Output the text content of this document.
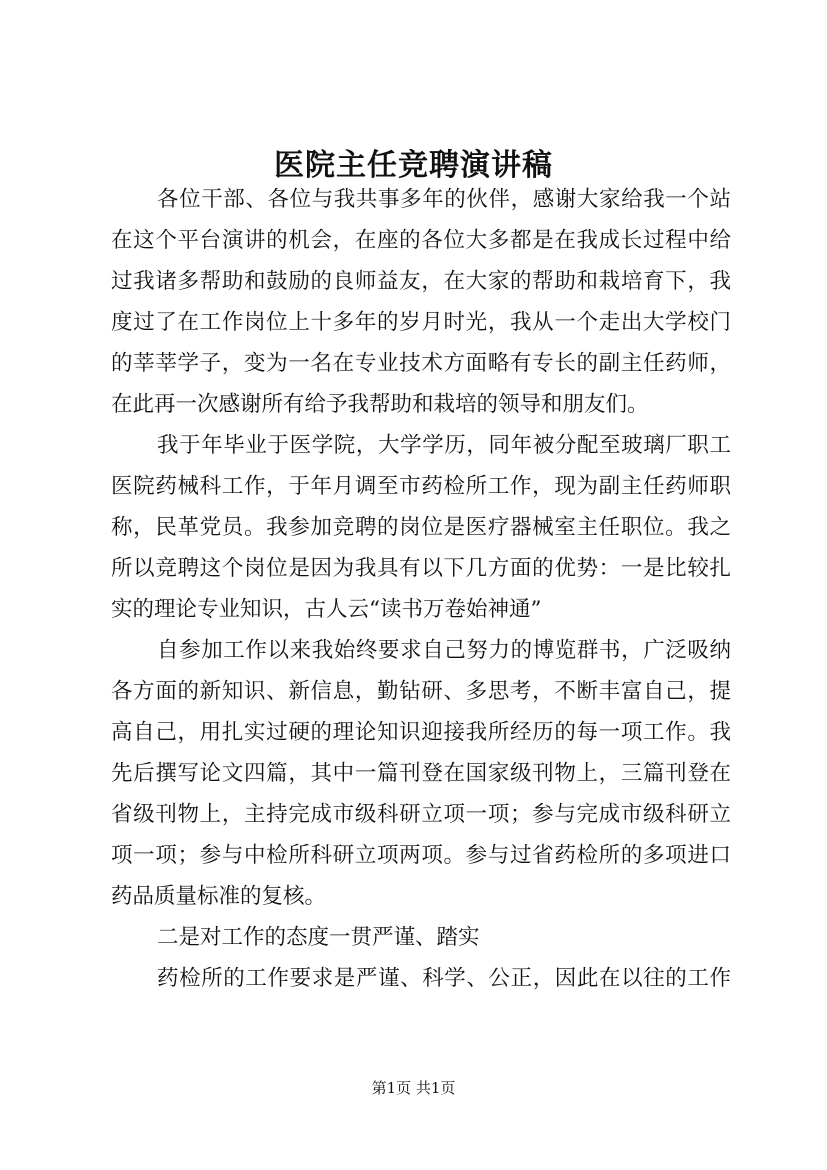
医院主任竞聘演讲稿
各位干部、各位与我共事多年的伙伴，感谢大家给我一个站
在这个平台演讲的机会，在座的各位大多都是在我成长过程中给
过我诸多帮助和鼓励的良师益友，在大家的帮助和栽培育下，我
度过了在工作岗位上十多年的岁月时光，我从一个走出大学校门
的莘莘学子，变为一名在专业技术方面略有专长的副主任药师，
在此再一次感谢所有给予我帮助和栽培的领导和朋友们。
我于年毕业于医学院，大学学历，同年被分配至玻璃厂职工
医院药械科工作，于年月调至市药检所工作，现为副主任药师职
称，民革党员。我参加竞聘的岗位是医疗器械室主任职位。我之
所以竞聘这个岗位是因为我具有以下几方面的优势：一是比较扎
实的理论专业知识，古人云“读书万卷始神通”
自参加工作以来我始终要求自己努力的博览群书，广泛吸纳
各方面的新知识、新信息，勤钻研、多思考，不断丰富自己，提
高自己，用扎实过硬的理论知识迎接我所经历的每一项工作。我
先后撰写论文四篇，其中一篇刊登在国家级刊物上，三篇刊登在
省级刊物上，主持完成市级科研立项一项；参与完成市级科研立
项一项；参与中检所科研立项两项。参与过省药检所的多项进口
药品质量标准的复核。
二是对工作的态度一贯严谨、踏实
药检所的工作要求是严谨、科学、公正，因此在以往的工作
第1页 共1页
